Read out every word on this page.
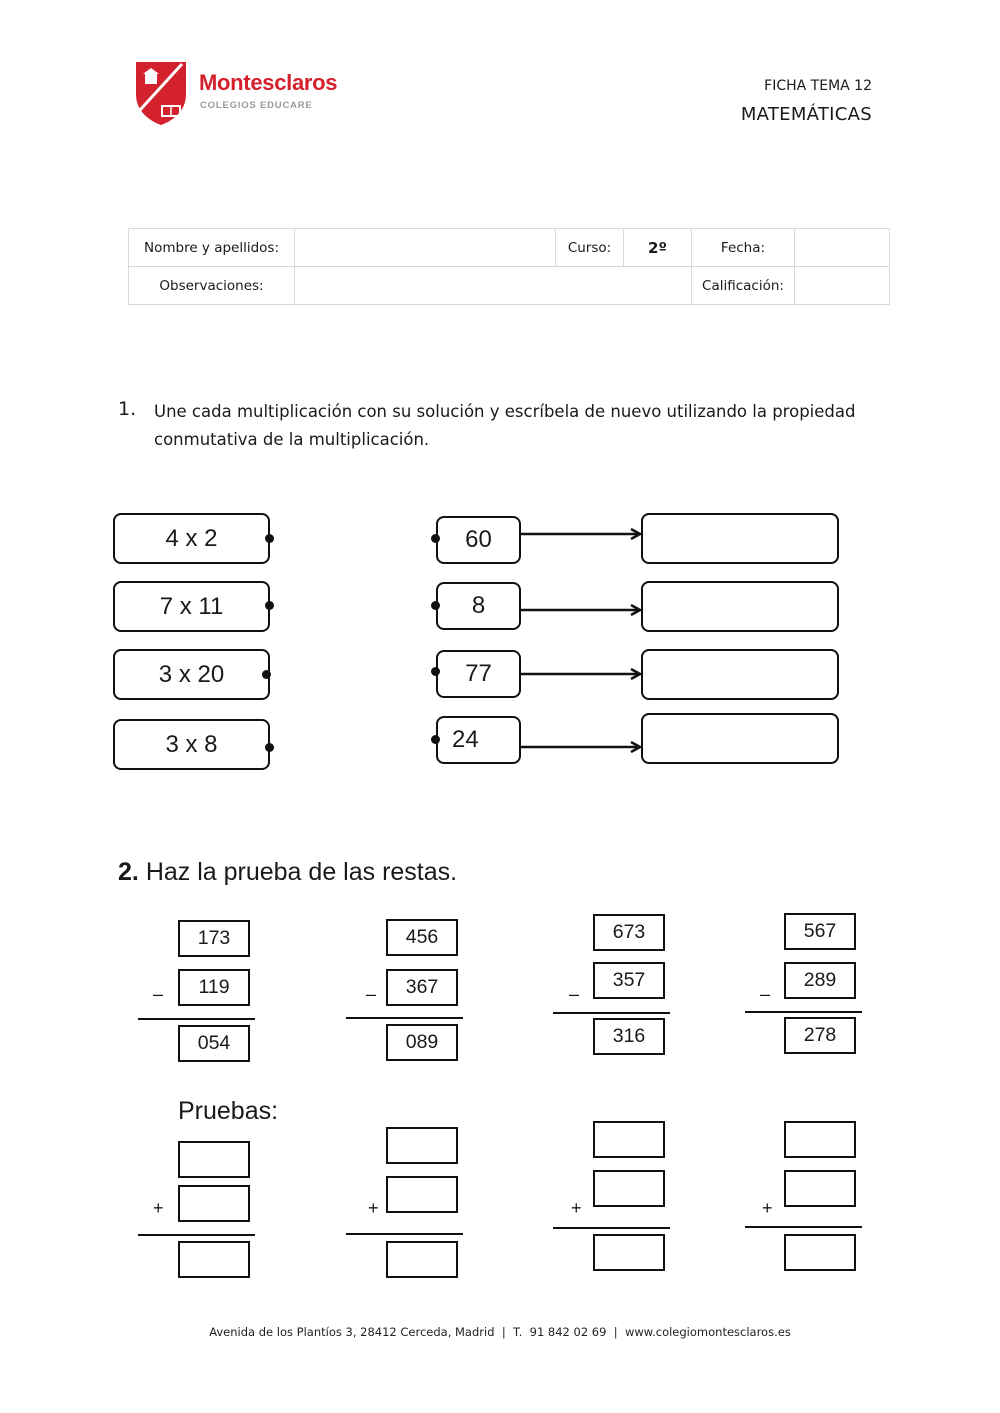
Montesclaros
COLEGIOS EDUCARE
FICHA TEMA 12
MATEMÁTICAS
Nombre y apellidos:		Curso:	2º	Fecha:	
Observaciones:				Calificación:	
1. Une cada multiplicación con su solución y escríbela de nuevo utilizando la propiedad conmutativa de la multiplicación.
4 x 2
7 x 11
3 x 20
3 x 8
60
8
77
24
2. Haz la prueba de las restas.
173
–	119
054
456
–	367
089
673
–
357
316
567
–
289
278
Pruebas:
+	+	+	+
Avenida de los Plantíos 3, 28412 Cerceda, Madrid  |  T.  91 842 02 69  |  www.colegiomontesclaros.es
